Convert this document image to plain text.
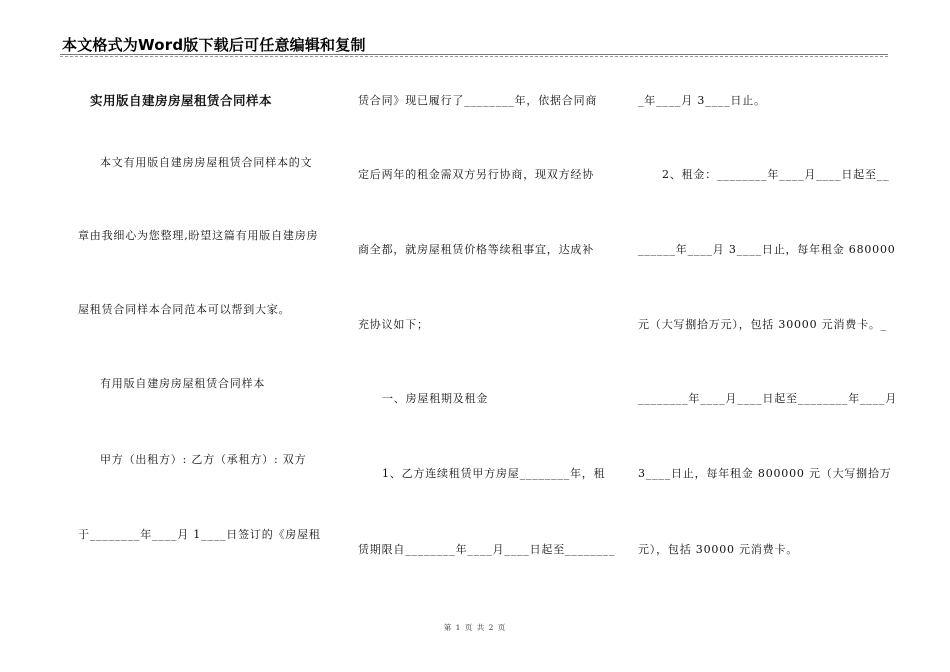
本文格式为Word版下载后可任意编辑和复制
实用版自建房房屋租赁合同样本
本文有用版自建房房屋租赁合同样本的文
章由我细心为您整理,盼望这篇有用版自建房房
屋租赁合同样本合同范本可以帮到大家。
有用版自建房房屋租赁合同样本
甲方（出租方）: 乙方（承租方）: 双方
于________年____月 1____日签订的《房屋租
赁合同》现已履行了________年，依据合同商
定后两年的租金需双方另行协商，现双方经协
商全都，就房屋租赁价格等续租事宜，达成补
充协议如下；
一、房屋租期及租金
1、乙方连续租赁甲方房屋________年，租
赁期限自________年____月____日起至________
_年____月 3____日止。
2、租金：________年____月____日起至__
______年____月 3____日止，每年租金 680000
元（大写捌拾万元），包括 30000 元消费卡。_
________年____月____日起至________年____月
3____日止，每年租金 800000 元（大写捌拾万
元），包括 30000 元消费卡。
第 1 页 共 2 页
